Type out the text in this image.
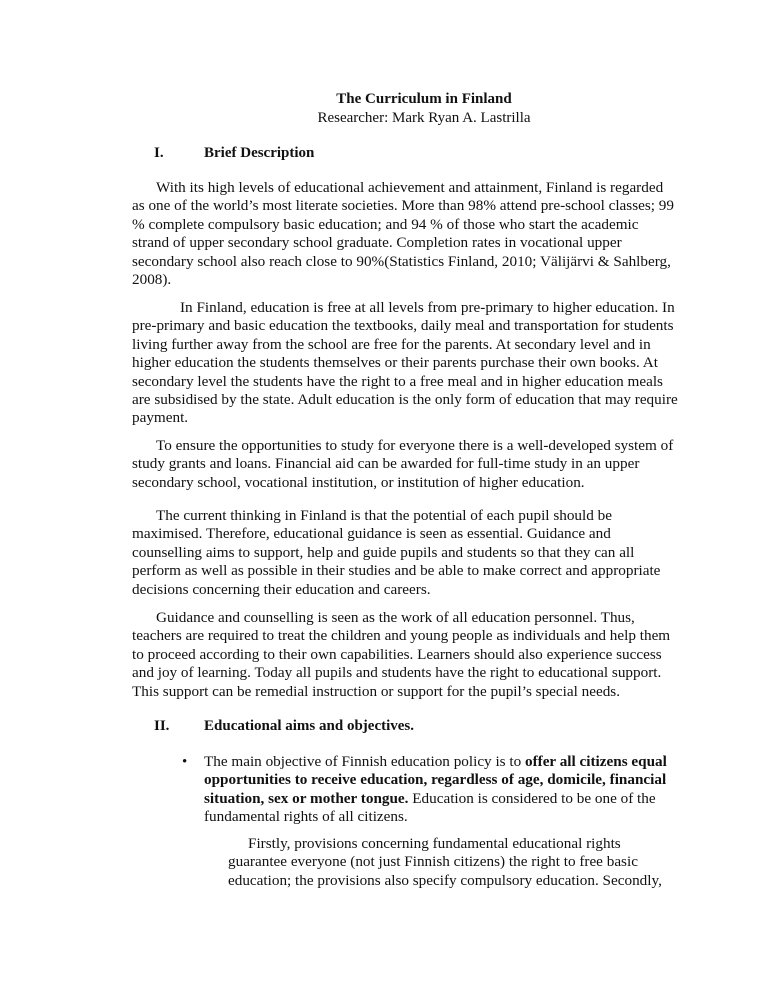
The Curriculum in Finland
Researcher: Mark Ryan A. Lastrilla
I.	Brief Description
With its high levels of educational achievement and attainment, Finland is regarded
as one of the world’s most literate societies. More than 98% attend pre-school classes; 99
% complete compulsory basic education; and 94 % of those who start the academic
strand of upper secondary school graduate. Completion rates in vocational upper
secondary school also reach close to 90%(Statistics Finland, 2010; Välijärvi & Sahlberg,
2008).
In Finland, education is free at all levels from pre-primary to higher education. In
pre-primary and basic education the textbooks, daily meal and transportation for students
living further away from the school are free for the parents. At secondary level and in
higher education the students themselves or their parents purchase their own books. At
secondary level the students have the right to a free meal and in higher education meals
are subsidised by the state. Adult education is the only form of education that may require
payment.
To ensure the opportunities to study for everyone there is a well-developed system of
study grants and loans. Financial aid can be awarded for full-time study in an upper
secondary school, vocational institution, or institution of higher education.
The current thinking in Finland is that the potential of each pupil should be
maximised. Therefore, educational guidance is seen as essential. Guidance and
counselling aims to support, help and guide pupils and students so that they can all
perform as well as possible in their studies and be able to make correct and appropriate
decisions concerning their education and careers.
Guidance and counselling is seen as the work of all education personnel. Thus,
teachers are required to treat the children and young people as individuals and help them
to proceed according to their own capabilities. Learners should also experience success
and joy of learning. Today all pupils and students have the right to educational support.
This support can be remedial instruction or support for the pupil’s special needs.
II. Educational aims and objectives.
• The main objective of Finnish education policy is to offer all citizens equal
opportunities to receive education, regardless of age, domicile, financial
situation, sex or mother tongue. Education is considered to be one of the
fundamental rights of all citizens.
Firstly, provisions concerning fundamental educational rights
guarantee everyone (not just Finnish citizens) the right to free basic
education; the provisions also specify compulsory education. Secondly,
